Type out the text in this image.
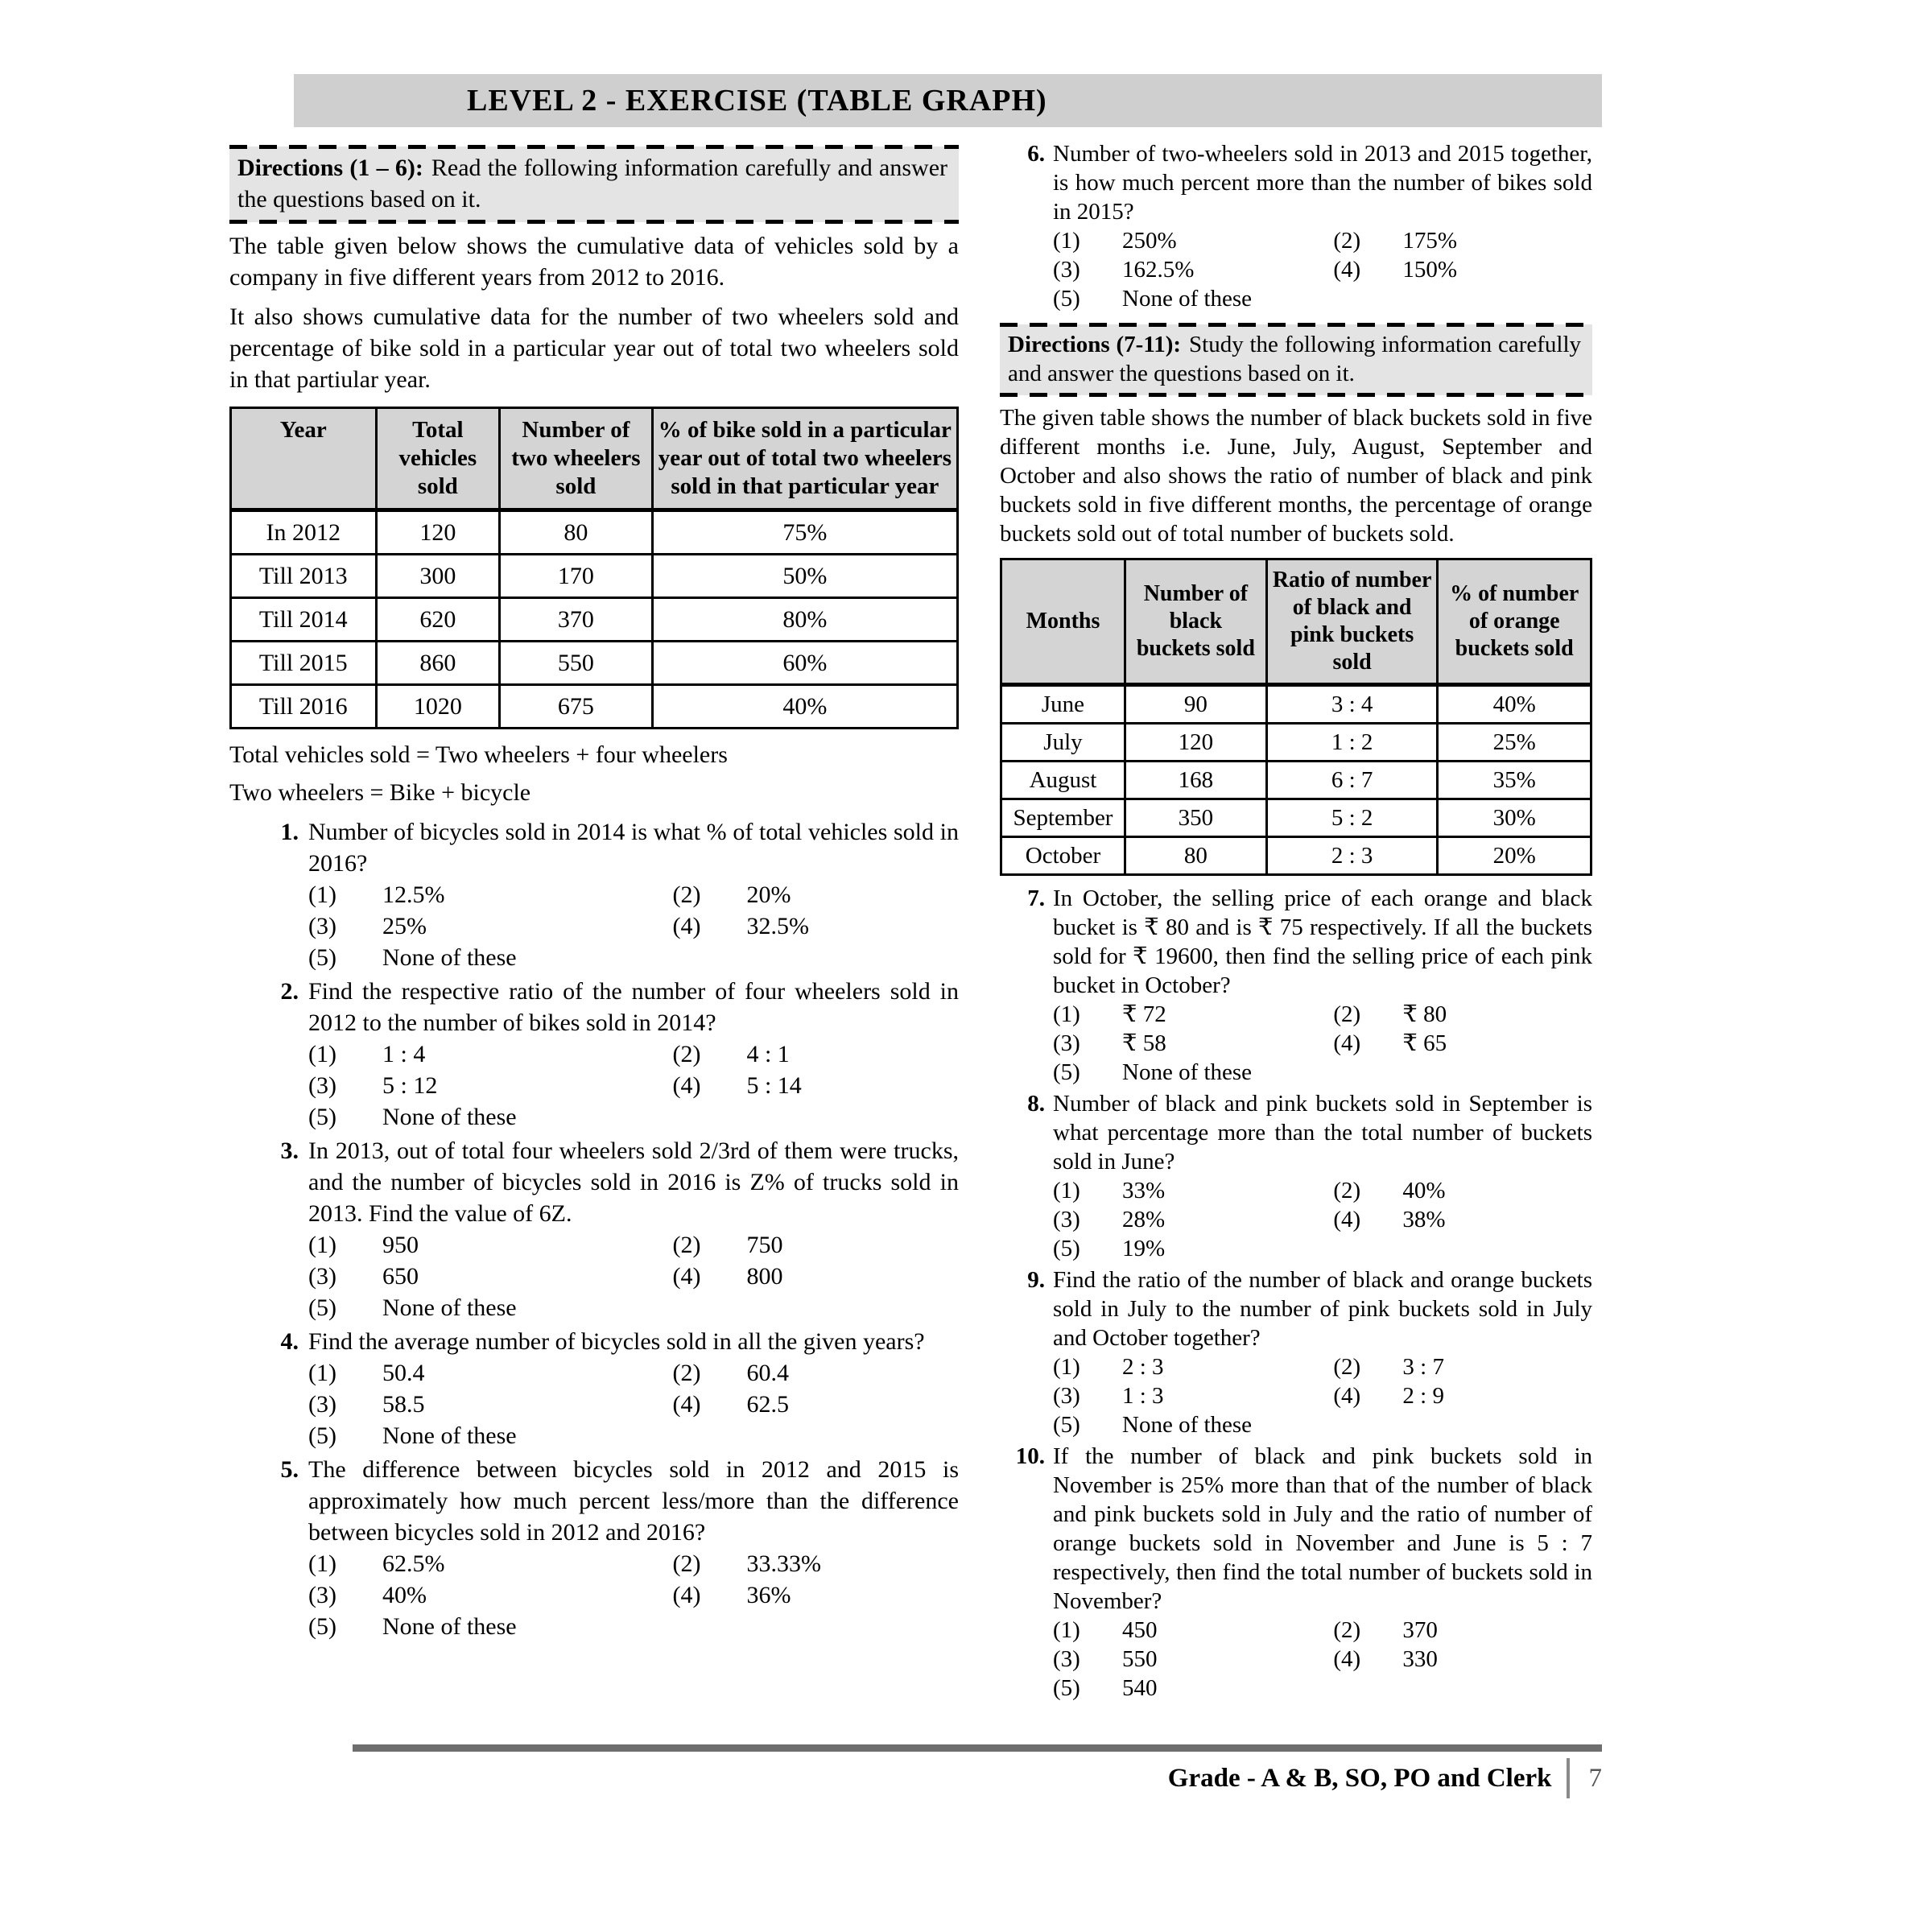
LEVEL 2 - EXERCISE (TABLE GRAPH)
Directions (1 – 6): Read the following information carefully and answer the questions based on it.
The table given below shows the cumulative data of vehicles sold by a company in five different years from 2012 to 2016.
It also shows cumulative data for the number of two wheelers sold and percentage of bike sold in a particular year out of total two wheelers sold in that partiular year.
Year	Total vehicles sold	Number of two wheelers sold	% of bike sold in a particular year out of total two wheelers sold in that particular year
In 2012	120	80	75%
Till 2013	300	170	50%
Till 2014	620	370	80%
Till 2015	860	550	60%
Till 2016	1020	675	40%
Total vehicles sold = Two wheelers + four wheelers
Two wheelers = Bike + bicycle
1. Number of bicycles sold in 2014 is what % of total vehicles sold in 2016?
(1) 12.5%	(2) 20%
(3) 25%	(4) 32.5%
(5) None of these
2. Find the respective ratio of the number of four wheelers sold in 2012 to the number of bikes sold in 2014?
(1) 1 : 4	(2) 4 : 1
(3) 5 : 12	(4) 5 : 14
(5) None of these
3. In 2013, out of total four wheelers sold 2/3rd of them were trucks, and the number of bicycles sold in 2016 is Z% of trucks sold in 2013. Find the value of 6Z.
(1) 950	(2) 750
(3) 650	(4) 800
(5) None of these
4. Find the average number of bicycles sold in all the given years?
(1) 50.4	(2) 60.4
(3) 58.5	(4) 62.5
(5) None of these
5. The difference between bicycles sold in 2012 and 2015 is approximately how much percent less/more than the difference between bicycles sold in 2012 and 2016?
(1) 62.5%	(2) 33.33%
(3) 40%	(4) 36%
(5) None of these
6. Number of two-wheelers sold in 2013 and 2015 together, is how much percent more than the number of bikes sold in 2015?
(1) 250%	(2) 175%
(3) 162.5%	(4) 150%
(5) None of these
Directions (7-11): Study the following information carefully and answer the questions based on it.
The given table shows the number of black buckets sold in five different months i.e. June, July, August, September and October and also shows the ratio of number of black and pink buckets sold in five different months, the percentage of orange buckets sold out of total number of buckets sold.
Months	Number of black buckets sold	Ratio of number of black and pink buckets sold	% of number of orange buckets sold
June	90	3 : 4	40%
July	120	1 : 2	25%
August	168	6 : 7	35%
September	350	5 : 2	30%
October	80	2 : 3	20%
7. In October, the selling price of each orange and black bucket is ₹ 80 and is ₹ 75 respectively. If all the buckets sold for ₹ 19600, then find the selling price of each pink bucket in October?
(1) ₹ 72	(2) ₹ 80
(3) ₹ 58	(4) ₹ 65
(5) None of these
8. Number of black and pink buckets sold in September is what percentage more than the total number of buckets sold in June?
(1) 33%	(2) 40%
(3) 28%	(4) 38%
(5) 19%
9. Find the ratio of the number of black and orange buckets sold in July to the number of pink buckets sold in July and October together?
(1) 2 : 3	(2) 3 : 7
(3) 1 : 3	(4) 2 : 9
(5) None of these
10. If the number of black and pink buckets sold in November is 25% more than that of the number of black and pink buckets sold in July and the ratio of number of orange buckets sold in November and June is 5 : 7 respectively, then find the total number of buckets sold in November?
(1) 450	(2) 370
(3) 550	(4) 330
(5) 540
Grade - A & B, SO, PO and Clerk 7
